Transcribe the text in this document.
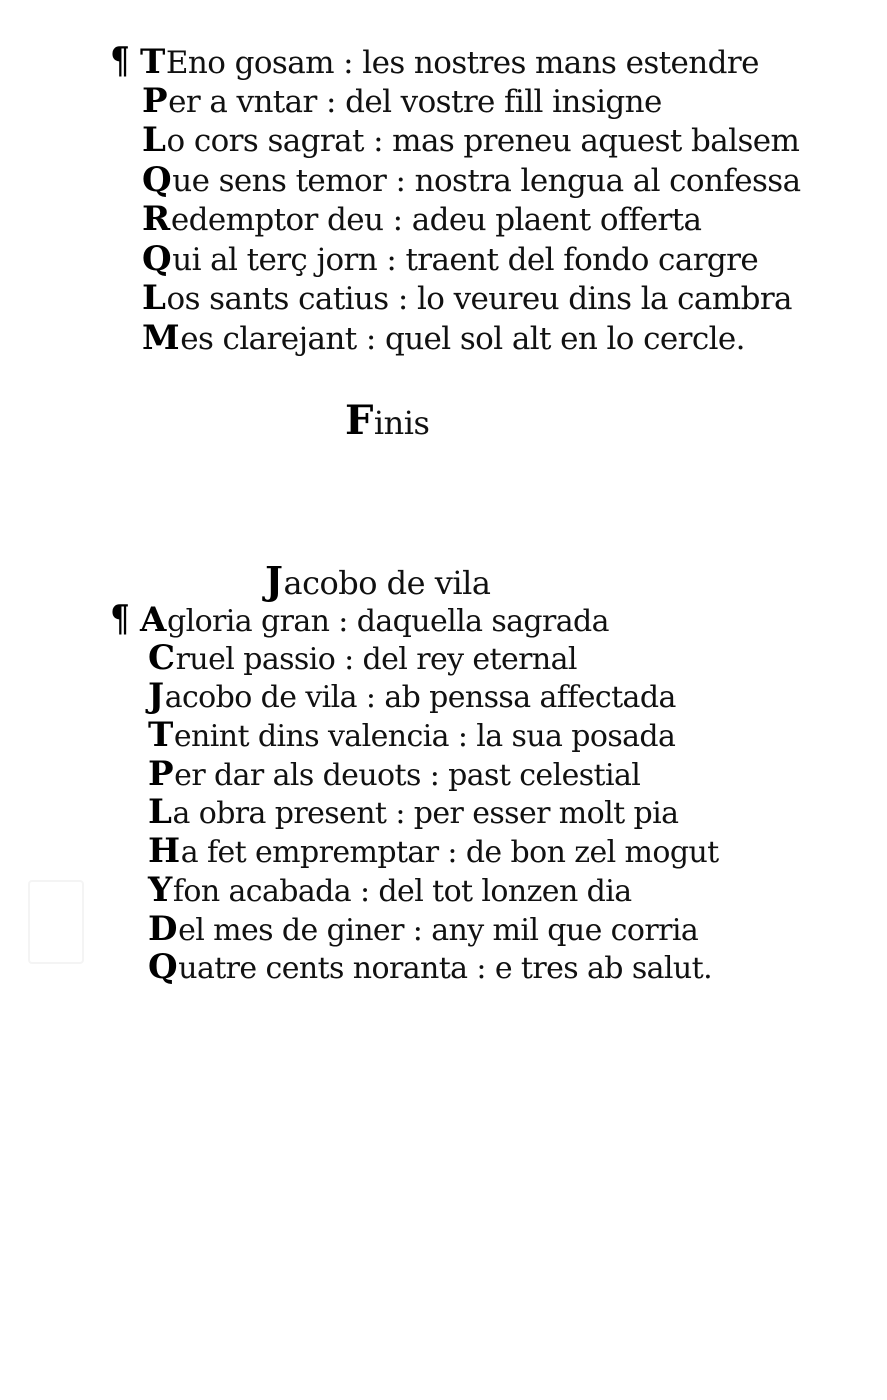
¶ T Eno gosam : les nostres mans estendre
P er a vntar : del vostre fill insigne
L o cors sagrat : mas preneu aquest balsem
Q ue sens temor : nostra lengua al confessa
R edemptor deu : adeu plaent offerta
Q ui al terç jorn : traent del fondo cargre
L os sants catius : lo veureu dins la cambra
M es clarejant : quel sol alt en lo cercle.
Finis
Jacobo de vila
¶ A gloria gran : daquella sagrada
C ruel passio : del rey eternal
J acobo de vila : ab penssa affectada
T enint dins valencia : la sua posada
P er dar als deuots : past celestial
L a obra present : per esser molt pia
H a fet empremptar : de bon zel mogut
Y fon acabada : del tot lonzen dia
D el mes de giner : any mil que corria
Q uatre cents noranta : e tres ab salut.
